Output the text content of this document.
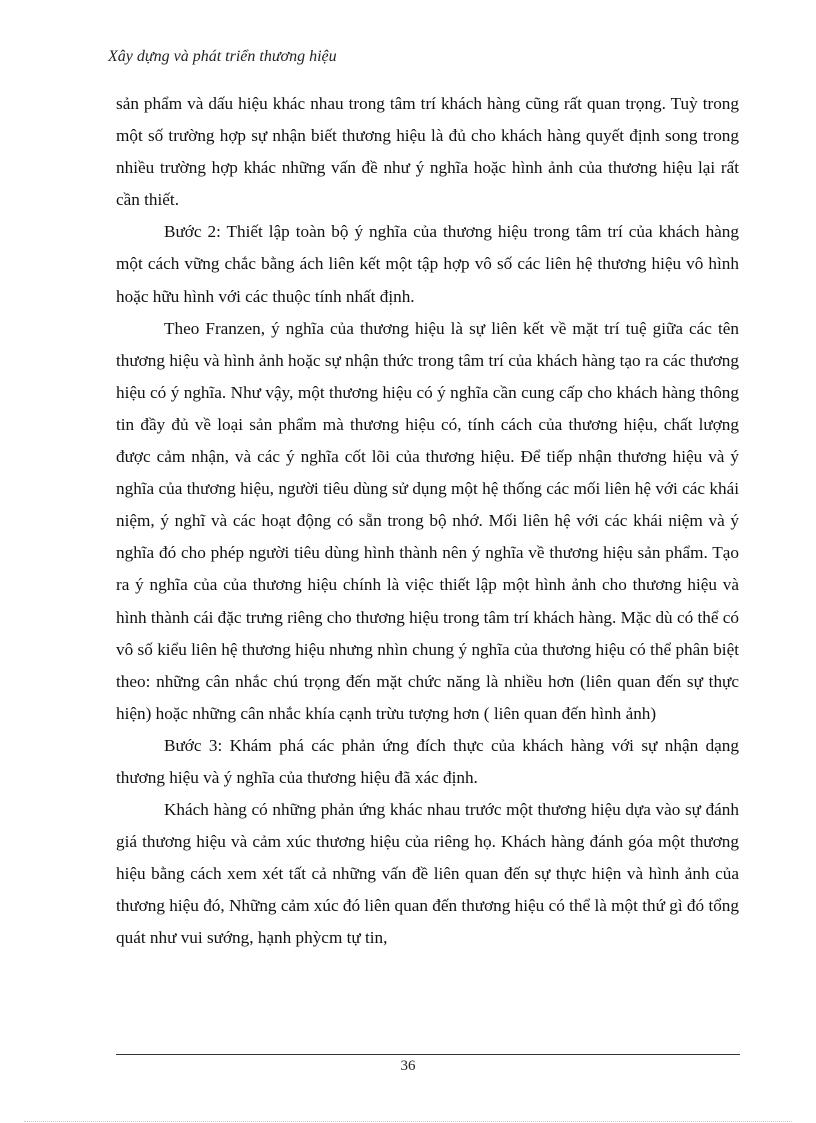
Xây dựng và phát triển thương hiệu

sản phẩm và dấu hiệu khác nhau trong tâm trí khách hàng cũng rất quan trọng. Tuỳ trong một số trường hợp sự nhận biết thương hiệu là đủ cho khách hàng quyết định song trong nhiều trường hợp khác những vấn đề như ý nghĩa hoặc hình ảnh của thương hiệu lại rất cần thiết.

Bước 2: Thiết lập toàn bộ ý nghĩa của thương hiệu trong tâm trí của khách hàng một cách vững chắc bằng ách liên kết một tập hợp vô số các liên hệ thương hiệu vô hình hoặc hữu hình với các thuộc tính nhất định.

Theo Franzen, ý nghĩa của thương hiệu là sự liên kết về mặt trí tuệ giữa các tên thương hiệu và hình ảnh hoặc sự nhận thức trong tâm trí của khách hàng tạo ra các thương hiệu có ý nghĩa. Như vậy, một thương hiệu có ý nghĩa cần cung cấp cho khách hàng thông tin đầy đủ về loại sản phẩm mà thương hiệu có, tính cách của thương hiệu, chất lượng được cảm nhận, và các ý nghĩa cốt lõi của thương hiệu. Để tiếp nhận thương hiệu và ý nghĩa của thương hiệu, người tiêu dùng sử dụng một hệ thống các mối liên hệ với các khái niệm, ý nghĩ và các hoạt động có sẵn trong bộ nhớ. Mối liên hệ với các khái niệm và ý nghĩa đó cho phép người tiêu dùng hình thành nên ý nghĩa về thương hiệu sản phẩm. Tạo ra ý nghĩa của của thương hiệu chính là việc thiết lập một hình ảnh cho thương hiệu và hình thành cái đặc trưng riêng cho thương hiệu trong tâm trí khách hàng. Mặc dù có thể có vô số kiểu liên hệ thương hiệu nhưng nhìn chung ý nghĩa của thương hiệu có thể phân biệt theo: những cân nhắc chú trọng đến mặt chức năng là nhiều hơn (liên quan đến sự thực hiện) hoặc những cân nhắc khía cạnh trừu tượng hơn ( liên quan đến hình ảnh)

Bước 3: Khám phá các phản ứng đích thực của khách hàng với sự nhận dạng thương hiệu và ý nghĩa của thương hiệu đã xác định.

Khách hàng có những phản ứng khác nhau trước một thương hiệu dựa vào sự đánh giá thương hiệu và cảm xúc thương hiệu của riêng họ. Khách hàng đánh góa một thương hiệu bằng cách xem xét tất cả những vấn đề liên quan đến sự thực hiện và hình ảnh của thương hiệu đó, Những cảm xúc đó liên quan đến thương hiệu có thể là một thứ gì đó tổng quát như vui sướng, hạnh phỳcm tự tin,

36
